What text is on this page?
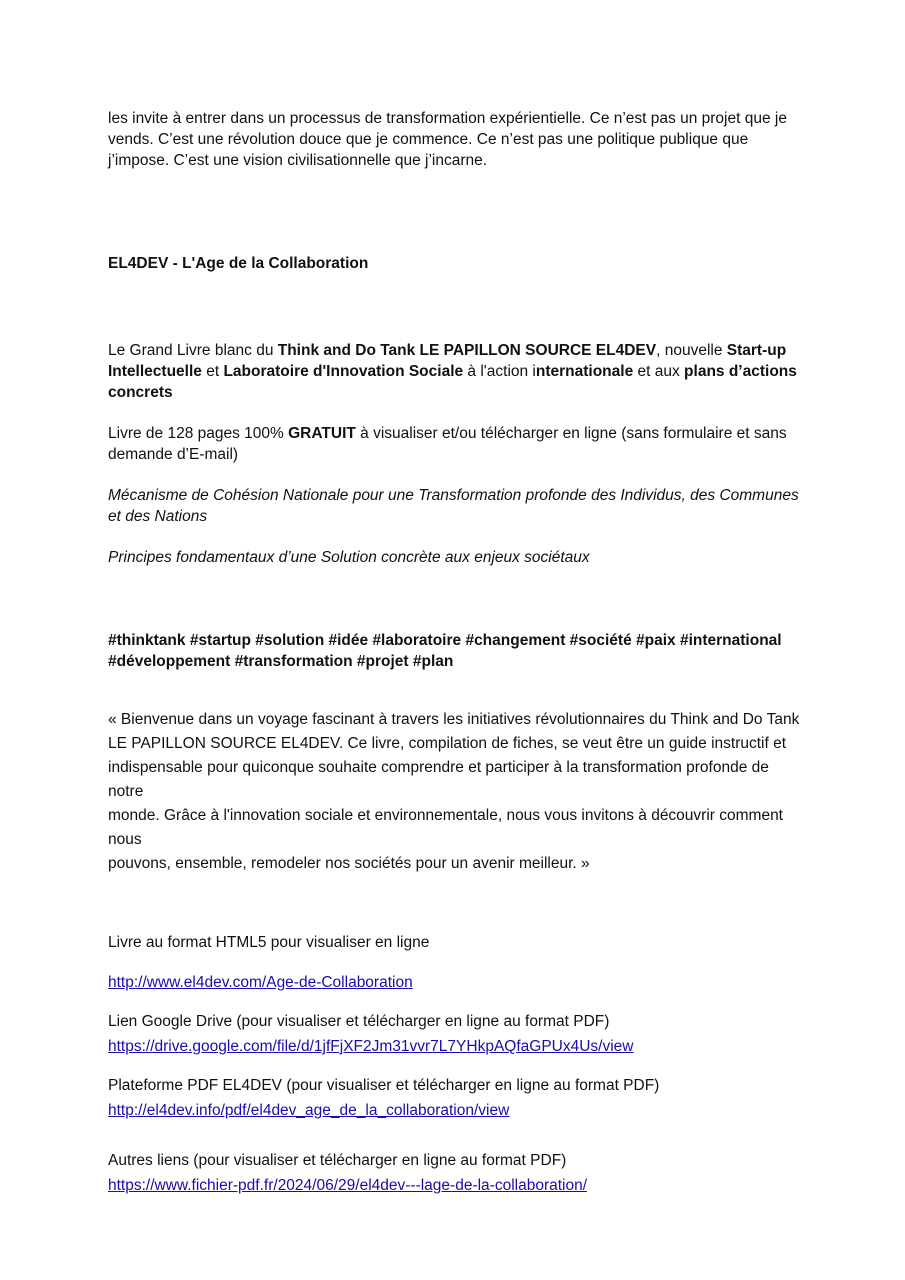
les invite à entrer dans un processus de transformation expérientielle. Ce n’est pas un projet que je vends. C’est une révolution douce que je commence. Ce n’est pas une politique publique que j’impose. C’est une vision civilisationnelle que j’incarne.

EL4DEV - L'Age de la Collaboration

Le Grand Livre blanc du Think and Do Tank LE PAPILLON SOURCE EL4DEV, nouvelle Start-up Intellectuelle et Laboratoire d'Innovation Sociale à l'action internationale et aux plans d’actions concrets

Livre de 128 pages 100% GRATUIT à visualiser et/ou télécharger en ligne (sans formulaire et sans demande d’E-mail)

Mécanisme de Cohésion Nationale pour une Transformation profonde des Individus, des Communes et des Nations

Principes fondamentaux d’une Solution concrète aux enjeux sociétaux

#thinktank #startup #solution #idée #laboratoire #changement #société #paix #international #développement #transformation #projet #plan

« Bienvenue dans un voyage fascinant à travers les initiatives révolutionnaires du Think and Do Tank

LE PAPILLON SOURCE EL4DEV. Ce livre, compilation de fiches, se veut être un guide instructif et

indispensable pour quiconque souhaite comprendre et participer à la transformation profonde de notre

monde. Grâce à l'innovation sociale et environnementale, nous vous invitons à découvrir comment nous

pouvons, ensemble, remodeler nos sociétés pour un avenir meilleur. »

Livre au format HTML5 pour visualiser en ligne

http://www.el4dev.com/Age-de-Collaboration

Lien Google Drive (pour visualiser et télécharger en ligne au format PDF)

https://drive.google.com/file/d/1jfFjXF2Jm31vvr7L7YHkpAQfaGPUx4Us/view

Plateforme PDF EL4DEV (pour visualiser et télécharger en ligne au format PDF)

http://el4dev.info/pdf/el4dev_age_de_la_collaboration/view

Autres liens (pour visualiser et télécharger en ligne au format PDF)

https://www.fichier-pdf.fr/2024/06/29/el4dev---lage-de-la-collaboration/
